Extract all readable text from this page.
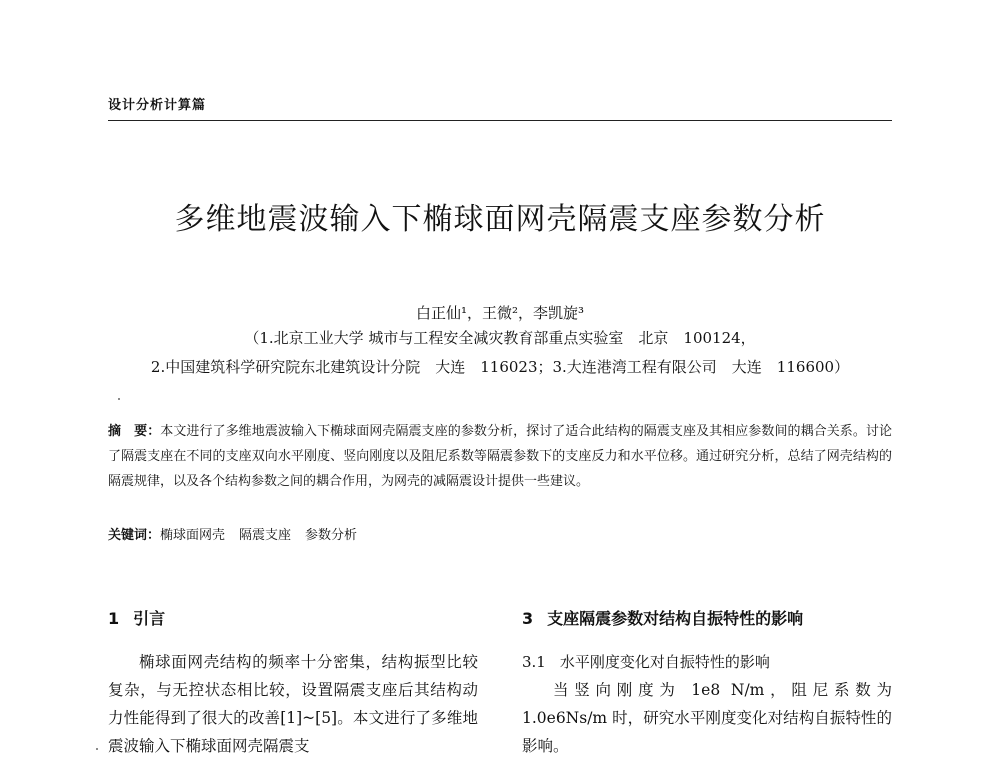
设计分析计算篇
多维地震波输入下椭球面网壳隔震支座参数分析
白正仙¹，王微²，李凯旋³
（1.北京工业大学 城市与工程安全减灾教育部重点实验室　北京　100124，
2.中国建筑科学研究院东北建筑设计分院　大连　116023；3.大连港湾工程有限公司　大连　116600）
摘　要：本文进行了多维地震波输入下椭球面网壳隔震支座的参数分析，探讨了适合此结构的隔震支座及其相应参数间的耦合关系。讨论了隔震支座在不同的支座双向水平刚度、竖向刚度以及阻尼系数等隔震参数下的支座反力和水平位移。通过研究分析，总结了网壳结构的隔震规律，以及各个结构参数之间的耦合作用，为网壳的减隔震设计提供一些建议。
关键词：椭球面网壳 隔震支座 参数分析
1 引言

椭球面网壳结构的频率十分密集，结构振型比较复杂，与无控状态相比较，设置隔震支座后其结构动力性能得到了很大的改善[1]~[5]。本文进行了多维地震波输入下椭球面网壳隔震支

3 支座隔震参数对结构自振特性的影响
3.1 水平刚度变化对自振特性的影响

当竖向刚度为 1e8 N/m，阻尼系数为 1.0e6Ns/m 时，研究水平刚度变化对结构自振特性的影响。
